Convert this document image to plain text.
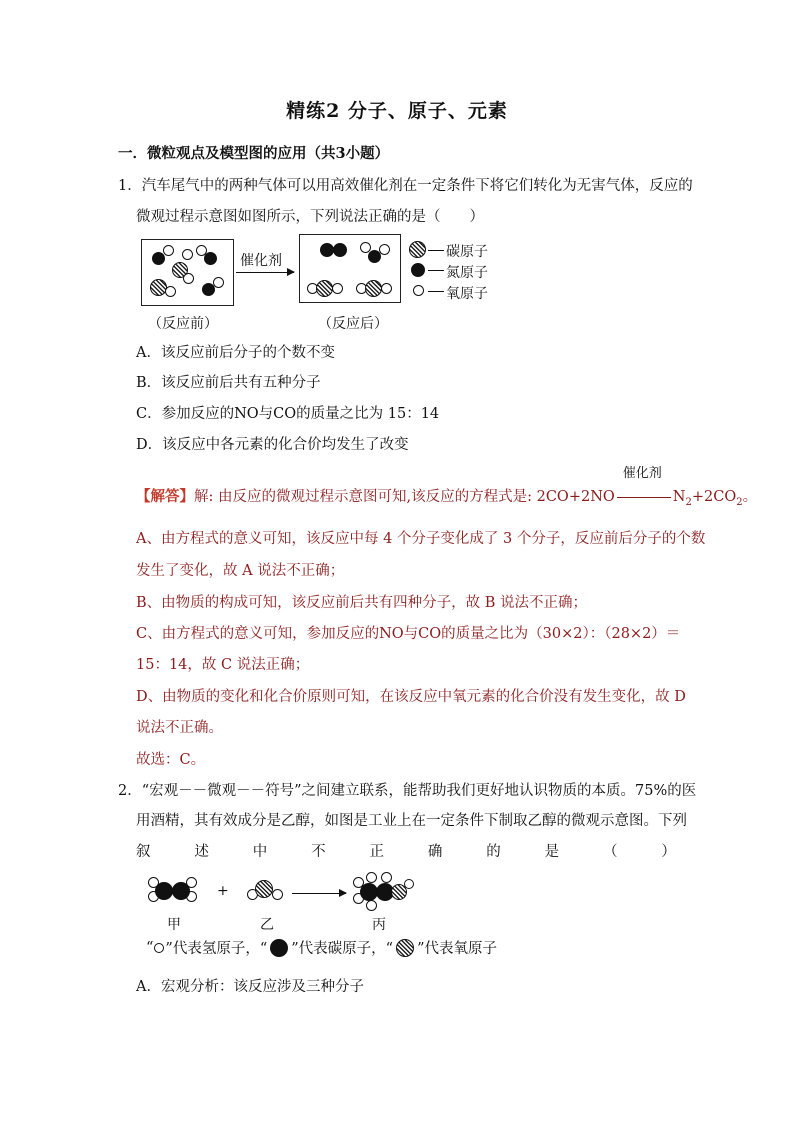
精练2 分子、原子、元素
一．微粒观点及模型图的应用（共3小题）
1．汽车尾气中的两种气体可以用高效催化剂在一定条件下将它们转化为无害气体，反应的
微观过程示意图如图所示，下列说法正确的是（　　）
催化剂
碳原子
氮原子
氧原子
（反应前）	（反应后）
A．该反应前后分子的个数不变
B．该反应前后共有五种分子
C．参加反应的NO与CO的质量之比为 15：14
D．该反应中各元素的化合价均发生了改变
【解答】解: 由反应的微观过程示意图可知,该反应的方程式是: 2CO+2NO
催化剂
$N_2+2CO_2$。
A、由方程式的意义可知，该反应中每 4 个分子变化成了 3 个分子，反应前后分子的个数
发生了变化，故 A 说法不正确；
B、由物质的构成可知，该反应前后共有四种分子，故 B 说法不正确；
C、由方程式的意义可知，参加反应的NO与CO的质量之比为（30×2）：（28×2）＝
15：14，故 C 说法正确；
D、由物质的变化和化合价原则可知，在该反应中氧元素的化合价没有发生变化，故 D
说法不正确。
故选：C。
2．“宏观－－微观－－符号”之间建立联系，能帮助我们更好地认识物质的本质。75%的医
用酒精，其有效成分是乙醇，如图是工业上在一定条件下制取乙醇的微观示意图。下列
叙	述	中	不	正	确	的	是	（	）
甲
+
乙	丙
“ ”代表氢原子，“ ”代表碳原子，“ ”代表氧原子
A．宏观分析：该反应涉及三种分子
